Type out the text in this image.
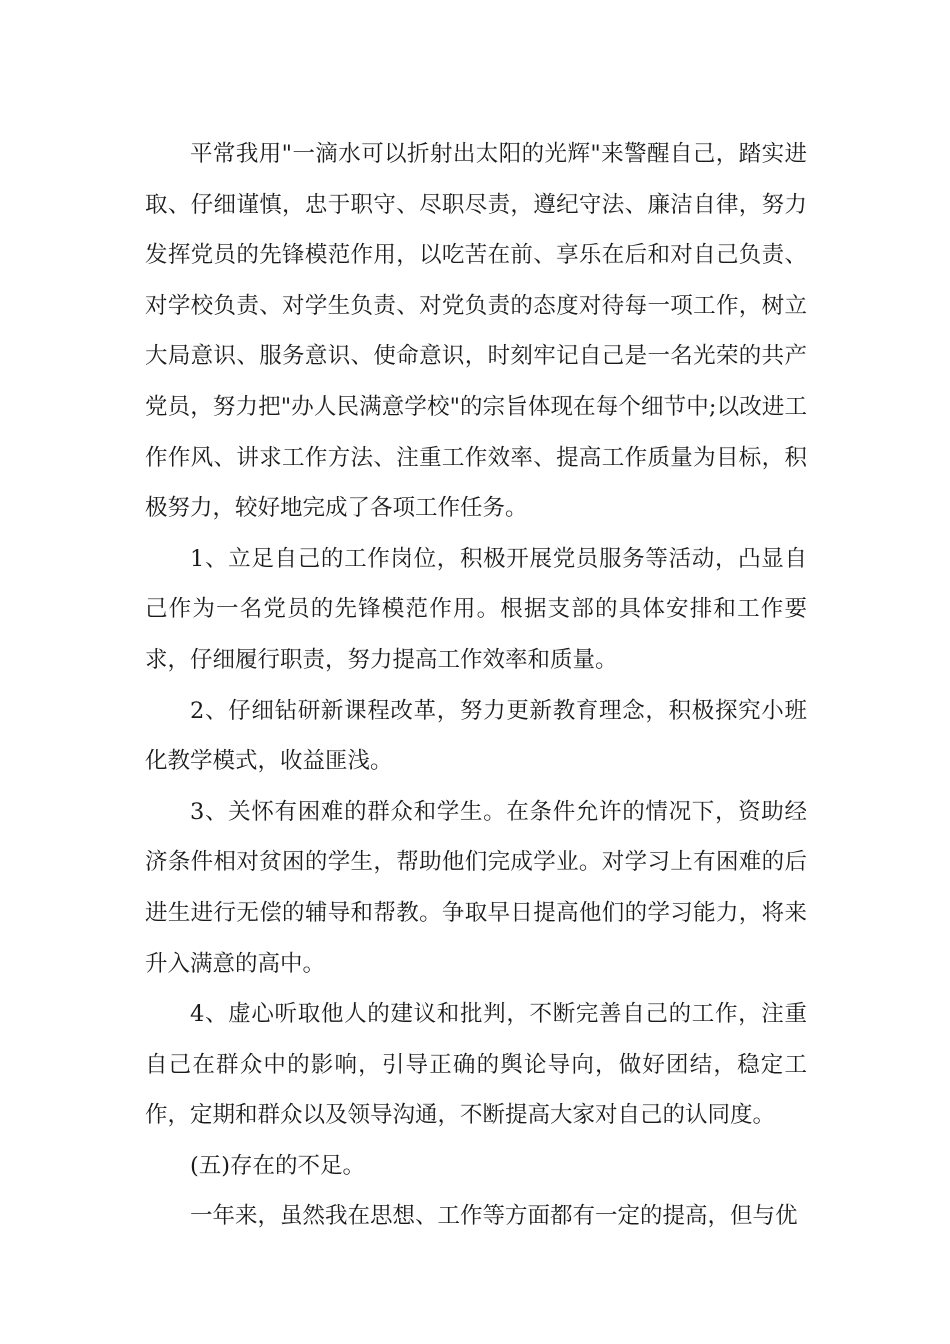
平常我用"一滴水可以折射出太阳的光辉"来警醒自己，踏实进取、仔细谨慎，忠于职守、尽职尽责，遵纪守法、廉洁自律，努力发挥党员的先锋模范作用，以吃苦在前、享乐在后和对自己负责、对学校负责、对学生负责、对党负责的态度对待每一项工作，树立大局意识、服务意识、使命意识，时刻牢记自己是一名光荣的共产党员，努力把"办人民满意学校"的宗旨体现在每个细节中;以改进工作作风、讲求工作方法、注重工作效率、提高工作质量为目标，积极努力，较好地完成了各项工作任务。

1、立足自己的工作岗位，积极开展党员服务等活动，凸显自己作为一名党员的先锋模范作用。根据支部的具体安排和工作要求，仔细履行职责，努力提高工作效率和质量。

2、仔细钻研新课程改革，努力更新教育理念，积极探究小班化教学模式，收益匪浅。

3、关怀有困难的群众和学生。在条件允许的情况下，资助经济条件相对贫困的学生，帮助他们完成学业。对学习上有困难的后进生进行无偿的辅导和帮教。争取早日提高他们的学习能力，将来升入满意的高中。

4、虚心听取他人的建议和批判，不断完善自己的工作，注重自己在群众中的影响，引导正确的舆论导向，做好团结，稳定工作，定期和群众以及领导沟通，不断提高大家对自己的认同度。

(五)存在的不足。

一年来，虽然我在思想、工作等方面都有一定的提高，但与优
